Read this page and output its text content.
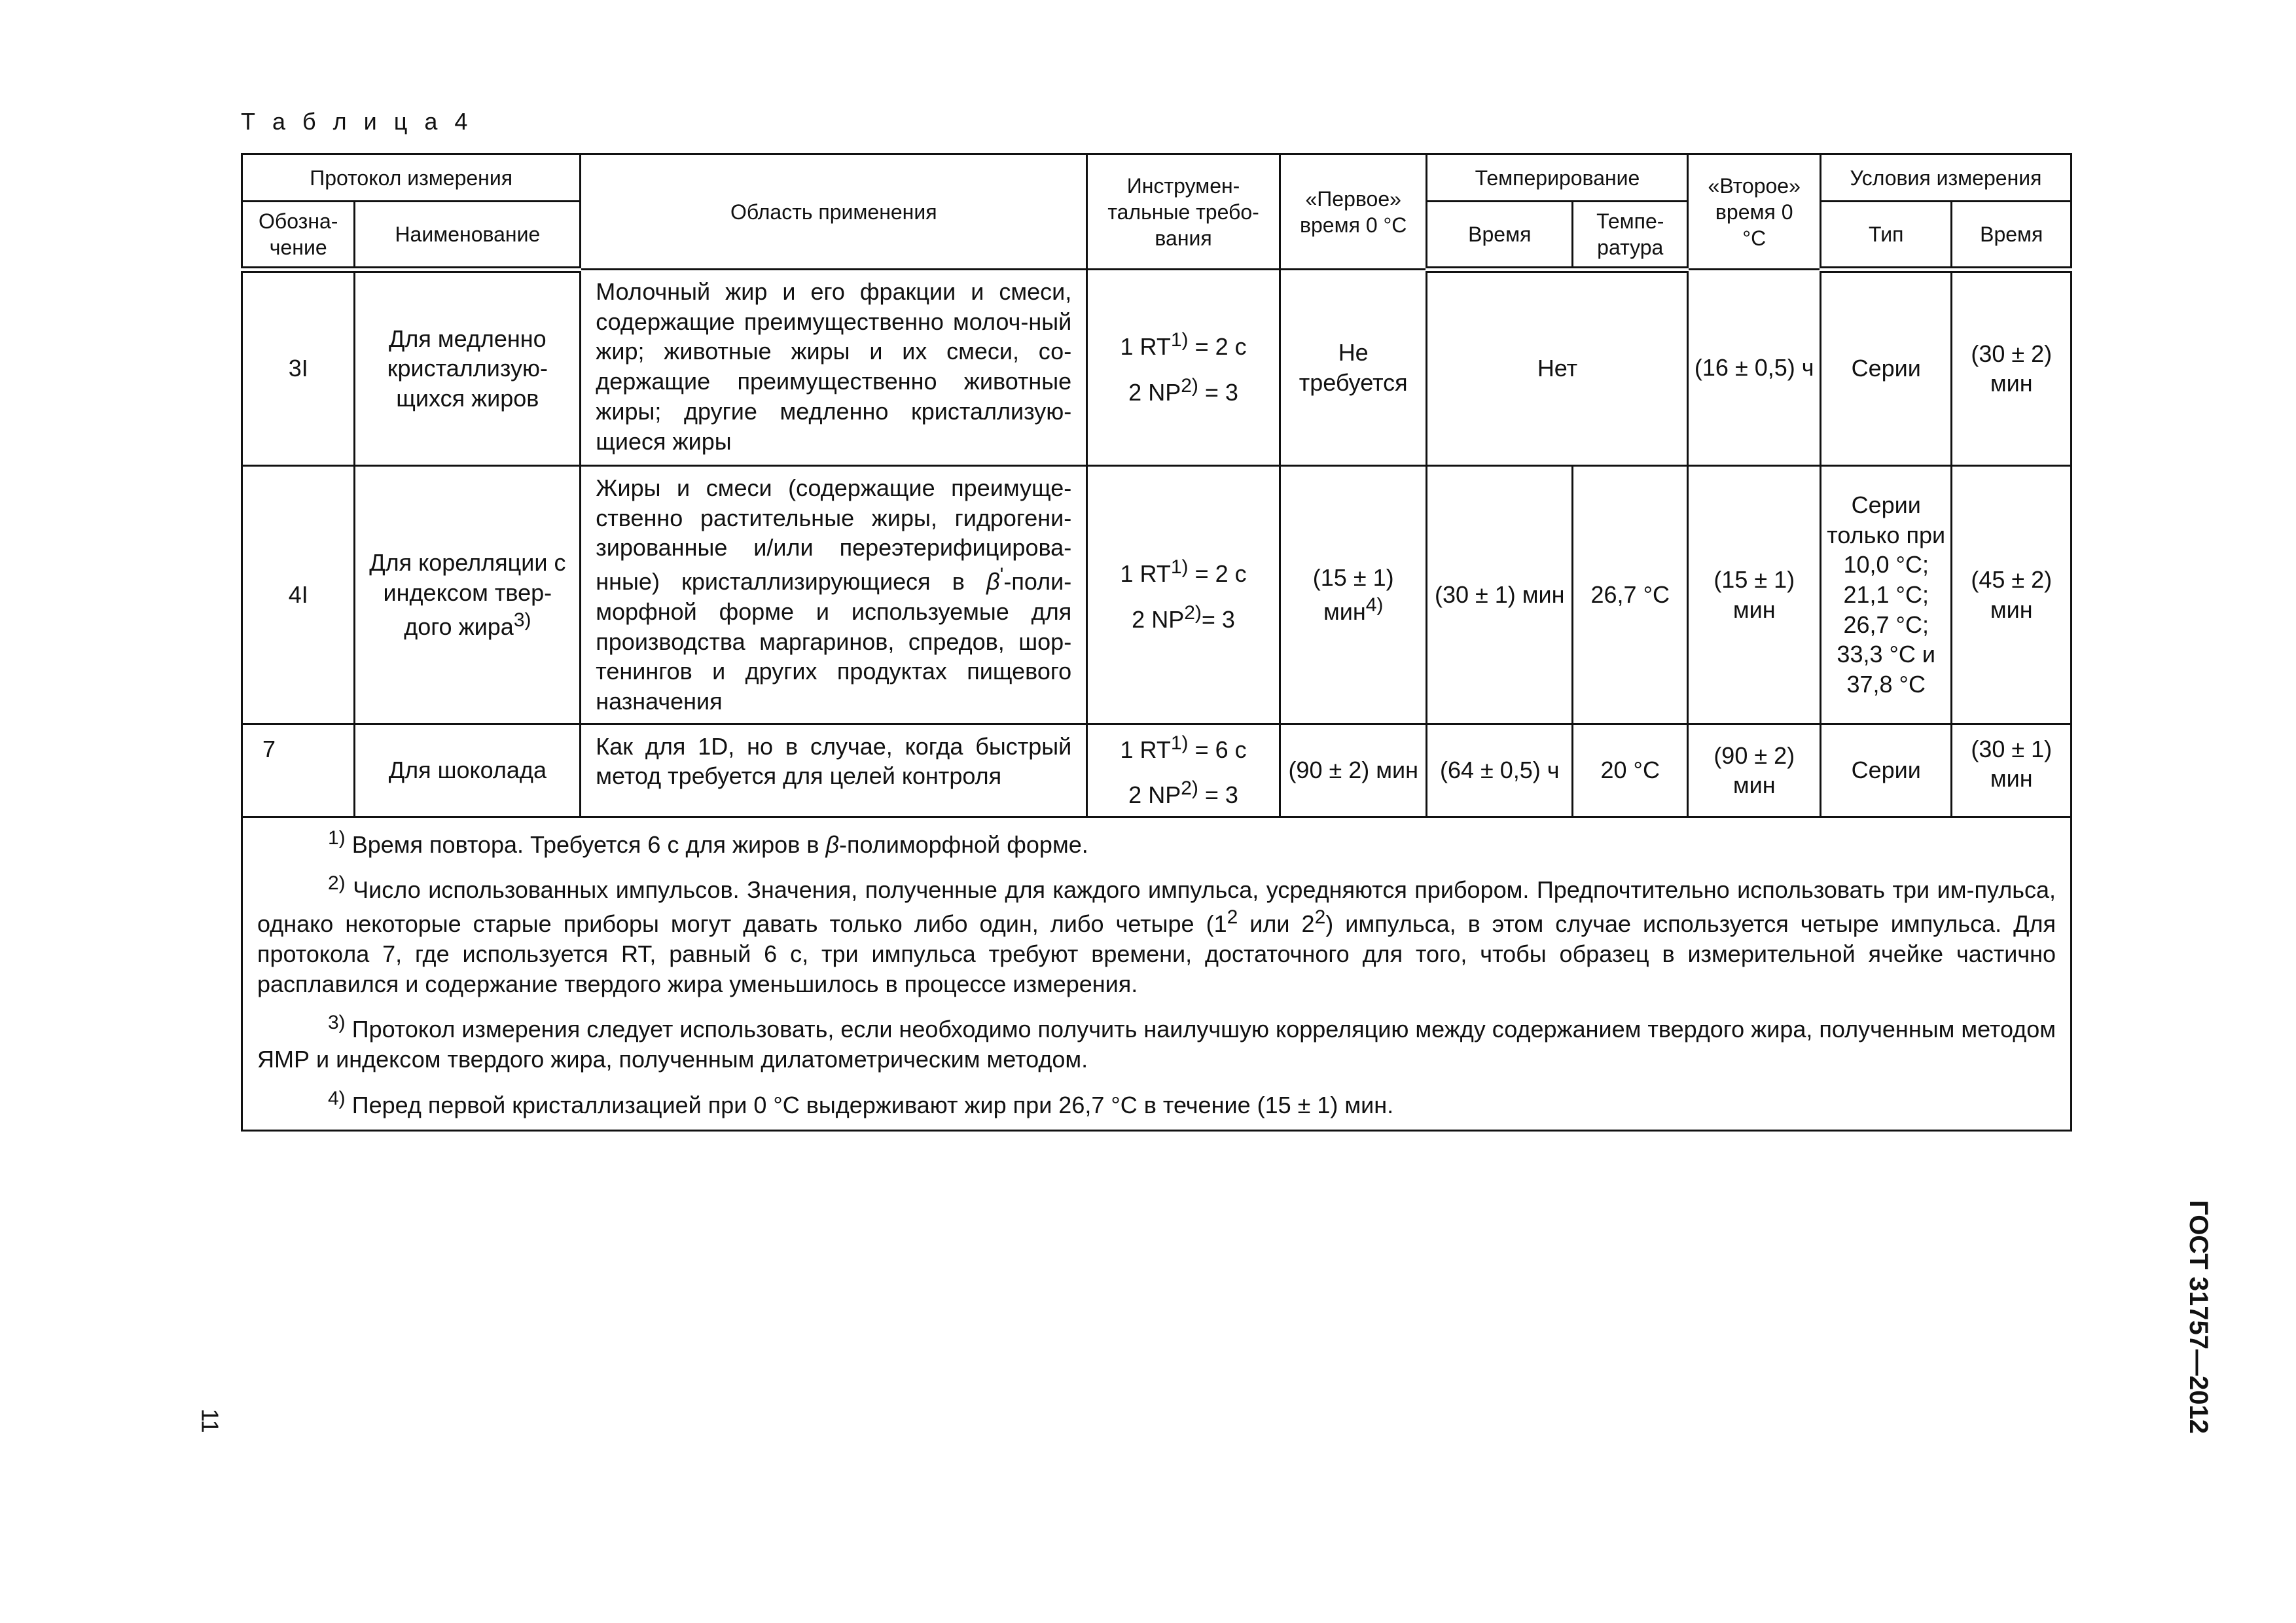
Т а б л и ц а 4
Протокол измерения		Область применения	Инструмен-
тальные требо-
вания	«Первое»
время 0 °С	Темперирование		«Второе»
время 0
°С	Условия измерения	
Обозна-
чение	Наименование				Время	Темпе-
ратура		Тип	Время
3I	Для медленно кристаллизую-щихся жиров	Молочный жир и его фракции и смеси, содержащие преимущественно молоч-ный жир; животные жиры и их смеси, со-держащие преимущественно животные жиры; другие медленно кристаллизую-щиеся жиры	1 $RT^{1)} = 2$ с
2 $NP^{2)} = 3$	Не требуется	Нет		(16 ± 0,5) ч	Серии	(30 ± 2) мин
4I	Для корелляции с индексом твер-дого жира$^{3)}$	Жиры и смеси (содержащие преимуще-ственно растительные жиры, гидрогени-зированные и/или переэтерифицирова-нные) кристаллизирующиеся в β'-поли-морфной форме и используемые для производства маргаринов, спредов, шор-тенингов и других продуктах пищевого назначения	1 $RT^{1)} = 2$ с
2 $NP^{2)}= 3$	(15 ± 1) мин$^{4)}$	(30 ± 1) мин	26,7 °С	(15 ± 1) мин	Серии только при 10,0 °С; 21,1 °С; 26,7 °С; 33,3 °С и 37,8 °С	(45 ± 2) мин
7	Для шоколада	Как для 1D, но в случае, когда быстрый метод требуется для целей контроля	1 $RT^{1)} = 6$ с
2 $NP^{2)} = 3$	(90 ± 2) мин	(64 ± 0,5) ч	20 °С	(90 ± 2) мин	Серии	(30 ± 1) мин

$^{1)}$ Время повтора. Требуется 6 с для жиров в β-полиморфной форме.

$^{2)}$ Число использованных импульсов. Значения, полученные для каждого импульса, усредняются прибором. Предпочтительно использовать три им-пульса, однако некоторые старые приборы могут давать только либо один, либо четыре ($1^2$ или $2^2$) импульса, в этом случае используется четыре импульса. Для протокола 7, где используется RT, равный 6 с, три импульса требуют времени, достаточного для того, чтобы образец в измерительной ячейке частично расплавился и содержание твердого жира уменьшилось в процессе измерения.

$^{3)}$ Протокол измерения следует использовать, если необходимо получить наилучшую корреляцию между содержанием твердого жира, полученным методом ЯМР и индексом твердого жира, полученным дилатометрическим методом.

$^{4)}$ Перед первой кристаллизацией при 0 °С выдерживают жир при 26,7 °С в течение (15 ± 1) мин.									

11	ГОСТ 31757—2012
